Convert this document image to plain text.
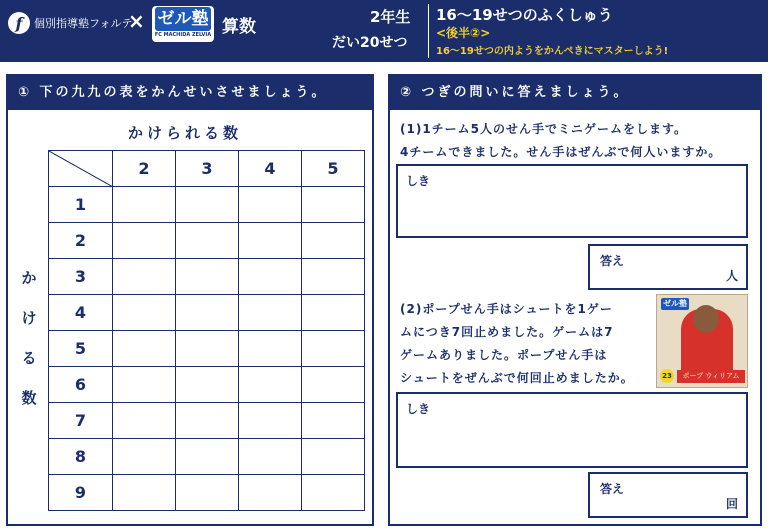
f 個別指導塾フォルテ
× ゼル塾
FC MACHIDA ZELVIA 算数	2年生
だい20せつ
16～19せつのふくしゅう
<後半②>
16～19せつの内ようをかんぺきにマスターしよう!
① 下の九九の表をかんせいさせましょう。
かけられる数
か
け
る
数
	2	3	4	5
1				
2				
3				
4				
5				
6				
7				
8				
9				
② つぎの問いに答えましょう。
(1)1チーム5人のせん手でミニゲームをします。
4チームできました。せん手はぜんぶで何人いますか。
しき
答え
人
(2)ポープせん手はシュートを1ゲー
ムにつき7回止めました。ゲームは7
ゲームありました。ポープせん手は
シュートをぜんぶで何回止めましたか。
ゼル塾
23	ポープ ウィリアム
しき
答え
回
